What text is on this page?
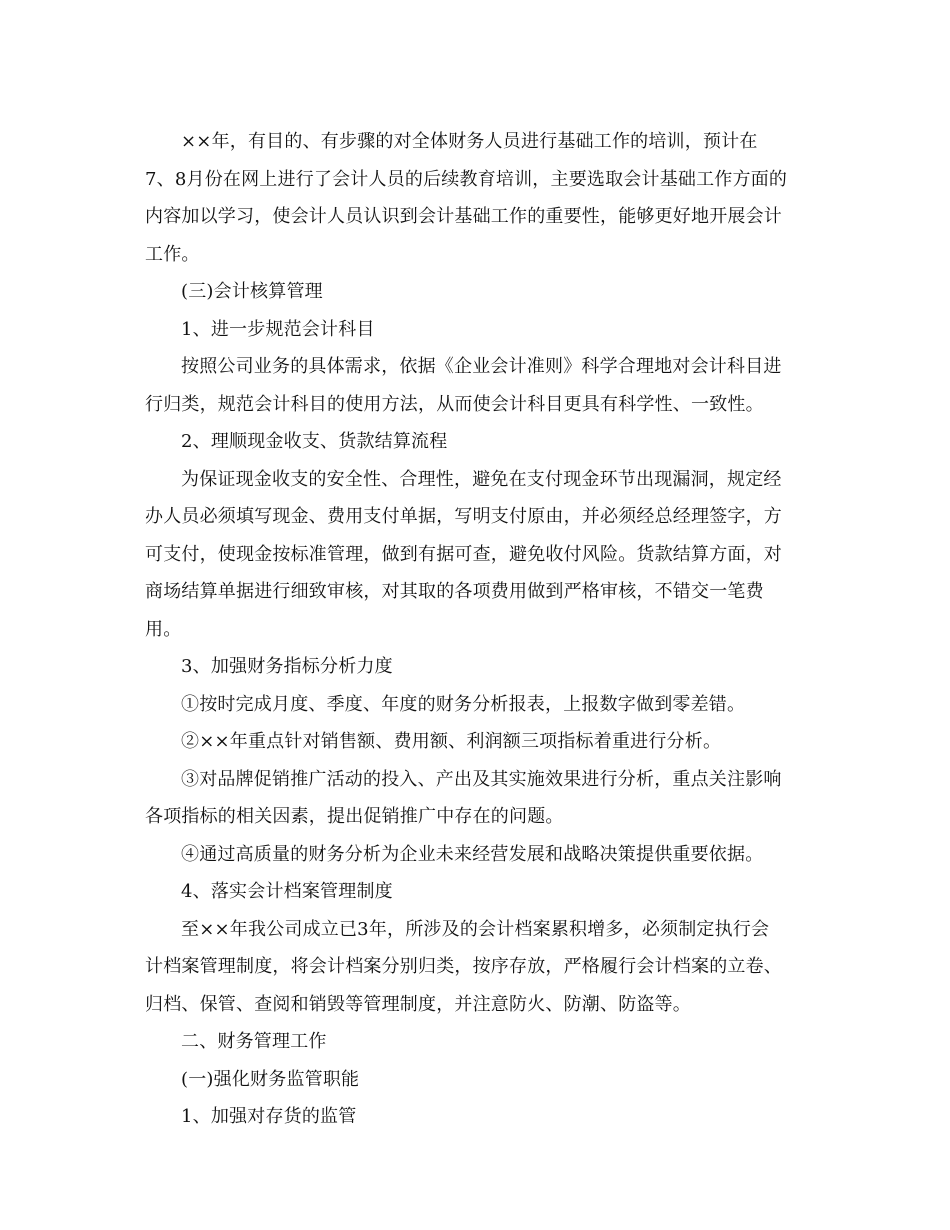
××年，有目的、有步骤的对全体财务人员进行基础工作的培训，预计在
7、8月份在网上进行了会计人员的后续教育培训，主要选取会计基础工作方面的
内容加以学习，使会计人员认识到会计基础工作的重要性，能够更好地开展会计
工作。
(三)会计核算管理
1、进一步规范会计科目
按照公司业务的具体需求，依据《企业会计准则》科学合理地对会计科目进
行归类，规范会计科目的使用方法，从而使会计科目更具有科学性、一致性。
2、理顺现金收支、货款结算流程
为保证现金收支的安全性、合理性，避免在支付现金环节出现漏洞，规定经
办人员必须填写现金、费用支付单据，写明支付原由，并必须经总经理签字，方
可支付，使现金按标准管理，做到有据可查，避免收付风险。货款结算方面，对
商场结算单据进行细致审核，对其取的各项费用做到严格审核，不错交一笔费
用。
3、加强财务指标分析力度
①按时完成月度、季度、年度的财务分析报表，上报数字做到零差错。
②××年重点针对销售额、费用额、利润额三项指标着重进行分析。
③对品牌促销推广活动的投入、产出及其实施效果进行分析，重点关注影响
各项指标的相关因素，提出促销推广中存在的问题。
④通过高质量的财务分析为企业未来经营发展和战略决策提供重要依据。
4、落实会计档案管理制度
至××年我公司成立已3年，所涉及的会计档案累积增多，必须制定执行会
计档案管理制度，将会计档案分别归类，按序存放，严格履行会计档案的立卷、
归档、保管、查阅和销毁等管理制度，并注意防火、防潮、防盗等。
二、财务管理工作
(一)强化财务监管职能
1、加强对存货的监管
